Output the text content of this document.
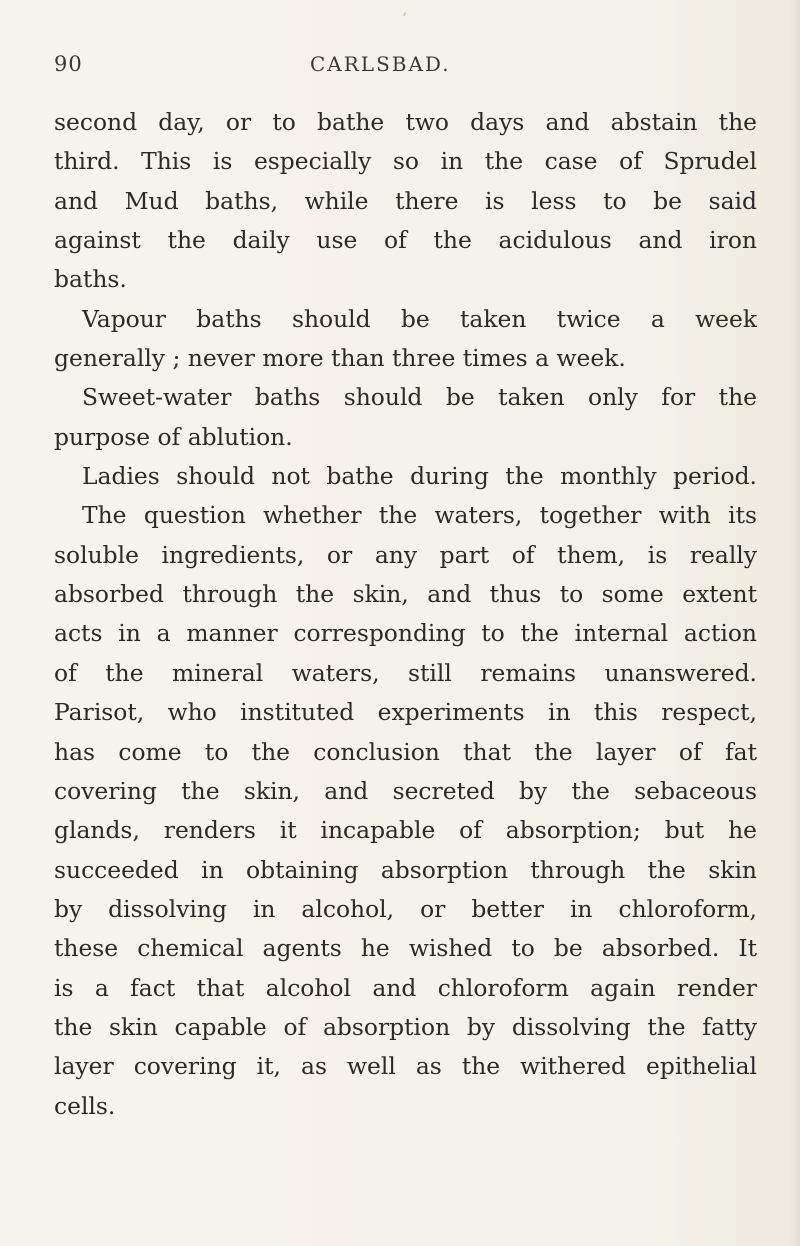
ʼ
90	CARLSBAD.
second day, or to bathe two days and abstain the
third. This is especially so in the case of Sprudel
and Mud baths, while there is less to be said
against the daily use of the acidulous and iron
baths.
Vapour baths should be taken twice a week
generally ; never more than three times a week.
Sweet-water baths should be taken only for the
purpose of ablution.
Ladies should not bathe during the monthly period.
The question whether the waters, together with its
soluble ingredients, or any part of them, is really
absorbed through the skin, and thus to some extent
acts in a manner corresponding to the internal action
of the mineral waters, still remains unanswered.
Parisot, who instituted experiments in this respect,
has come to the conclusion that the layer of fat
covering the skin, and secreted by the sebaceous
glands, renders it incapable of absorption; but he
succeeded in obtaining absorption through the skin
by dissolving in alcohol, or better in chloroform,
these chemical agents he wished to be absorbed. It
is a fact that alcohol and chloroform again render
the skin capable of absorption by dissolving the fatty
layer covering it, as well as the withered epithelial
cells.
